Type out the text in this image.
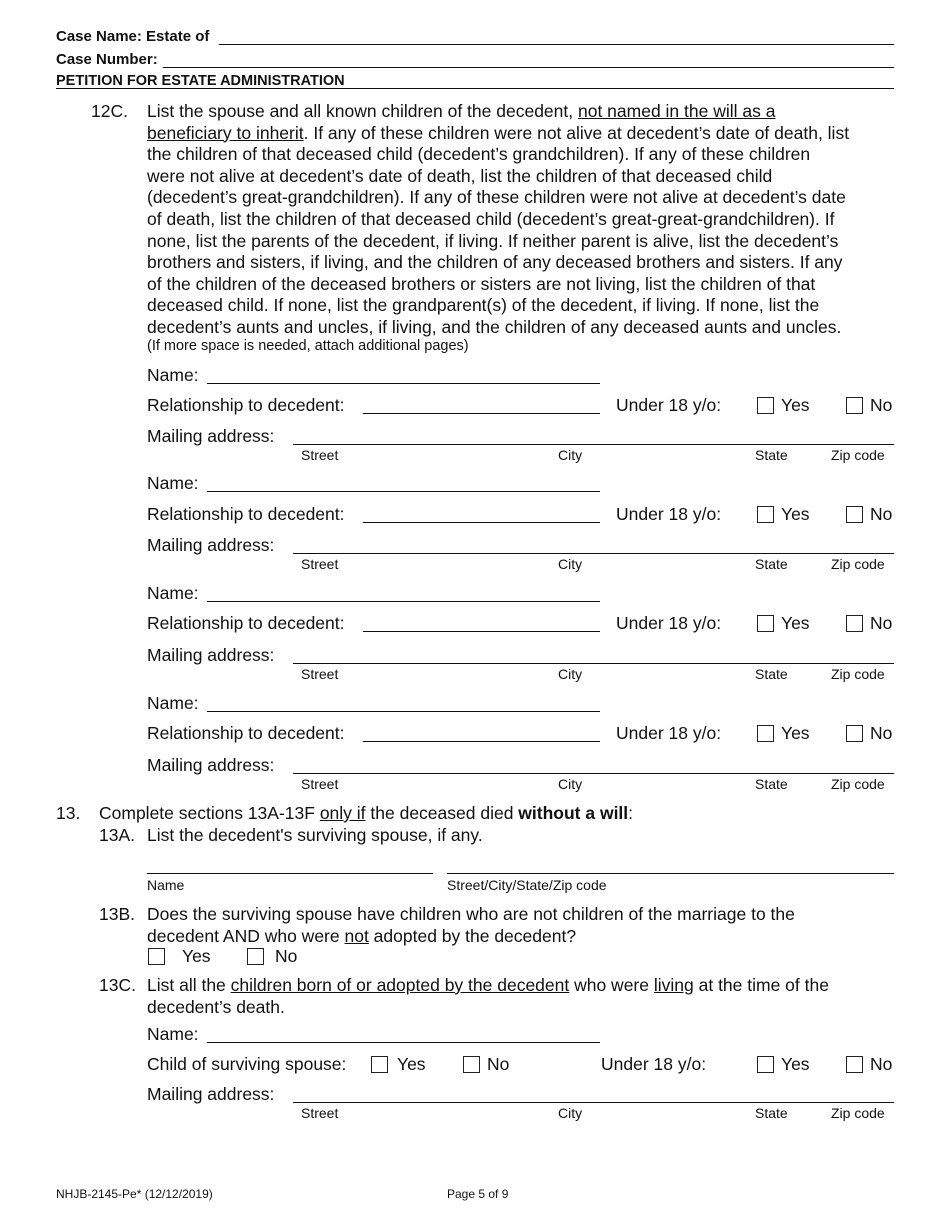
Case Name: Estate of
Case Number:
PETITION FOR ESTATE ADMINISTRATION
12C. List the spouse and all known children of the decedent, not named in the will as a
beneficiary to inherit. If any of these children were not alive at decedent’s date of death, list
the children of that deceased child (decedent’s grandchildren). If any of these children
were not alive at decedent’s date of death, list the children of that deceased child
(decedent’s great-grandchildren). If any of these children were not alive at decedent’s date
of death, list the children of that deceased child (decedent’s great-great-grandchildren). If
none, list the parents of the decedent, if living. If neither parent is alive, list the decedent’s
brothers and sisters, if living, and the children of any deceased brothers and sisters. If any
of the children of the deceased brothers or sisters are not living, list the children of that
deceased child. If none, list the grandparent(s) of the decedent, if living. If none, list the
decedent’s aunts and uncles, if living, and the children of any deceased aunts and uncles.
(If more space is needed, attach additional pages)
Name:
Relationship to decedent:	Under 18 y/o:	Yes	No
Mailing address:
Street	City	State	Zip code
Name:
Relationship to decedent:	Under 18 y/o:	Yes	No
Mailing address:
Street	City	State	Zip code
Name:
Relationship to decedent:	Under 18 y/o:	Yes	No
Mailing address:
Street	City	State	Zip code
Name:
Relationship to decedent:	Under 18 y/o:	Yes	No
Mailing address:
Street	City	State	Zip code
13. Complete sections 13A-13F only if the deceased died without a will:
13A. List the decedent's surviving spouse, if any.
Name	Street/City/State/Zip code
13B. Does the surviving spouse have children who are not children of the marriage to the
decedent AND who were not adopted by the decedent?
Yes	No
13C. List all the children born of or adopted by the decedent who were living at the time of the
decedent’s death.
Name:
Child of surviving spouse:	Yes	No	Under 18 y/o:	Yes	No
Mailing address:
Street	City	State	Zip code
NHJB-2145-Pe* (12/12/2019)	Page 5 of 9
